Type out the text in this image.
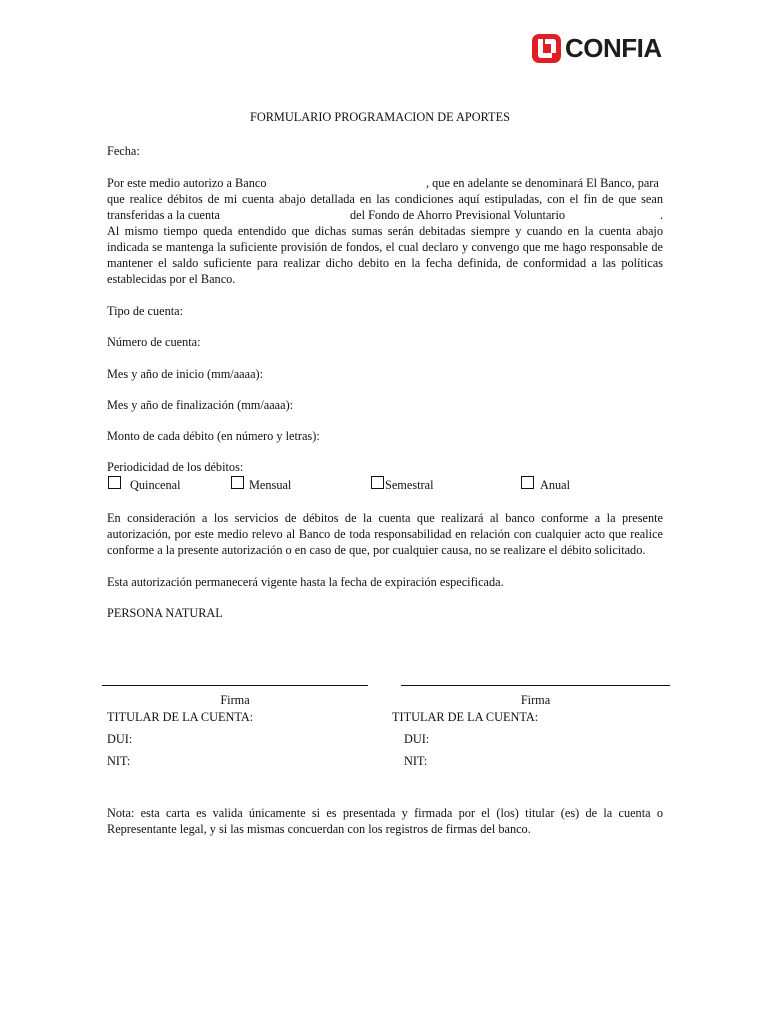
CONFIA
FORMULARIO PROGRAMACION DE APORTES
Fecha:
Por este medio autorizo a Banco	, que en adelante se denominará El Banco, para
que realice débitos de mi cuenta abajo detallada en las condiciones aquí estipuladas, con el fin de que sean
transferidas a la cuenta	del Fondo de Ahorro Previsional Voluntario	.
Al mismo tiempo queda entendido que dichas sumas serán debitadas siempre y cuando en la cuenta abajo
indicada se mantenga la suficiente provisión de fondos, el cual declaro y convengo que me hago responsable de
mantener el saldo suficiente para realizar dicho debito en la fecha definida, de conformidad a las políticas
establecidas por el Banco.
Tipo de cuenta:
Número de cuenta:
Mes y año de inicio (mm/aaaa):
Mes y año de finalización (mm/aaaa):
Monto de cada débito (en número y letras):
Periodicidad de los débitos:
Quincenal	Mensual	Semestral	Anual
En consideración a los servicios de débitos de la cuenta que realizará al banco conforme a la presente
autorización, por este medio relevo al Banco de toda responsabilidad en relación con cualquier acto que realice
conforme a la presente autorización o en caso de que, por cualquier causa, no se realizare el débito solicitado.
Esta autorización permanecerá vigente hasta la fecha de expiración especificada.
PERSONA NATURAL
Firma	Firma
TITULAR DE LA CUENTA:	TITULAR DE LA CUENTA:
DUI:	DUI:
NIT:	NIT:
Nota: esta carta es valida únicamente si es presentada y firmada por el (los) titular (es) de la cuenta o
Representante legal, y si las mismas concuerdan con los registros de firmas del banco.
